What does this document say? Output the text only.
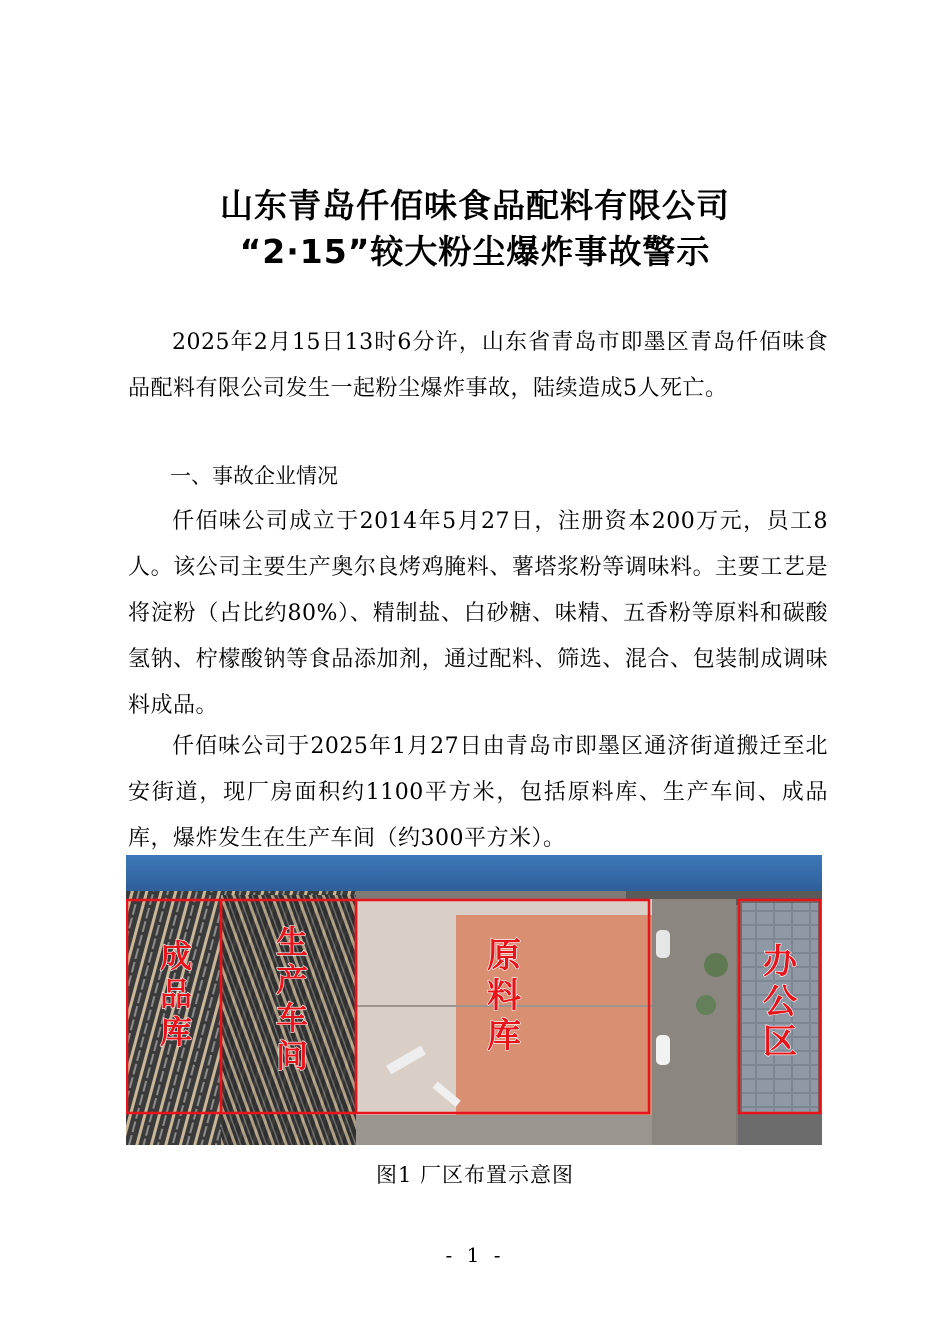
山东青岛仟佰味食品配料有限公司
“2·15”较大粉尘爆炸事故警示

2025年2月15日13时6分许，山东省青岛市即墨区青岛仟佰味食品配料有限公司发生一起粉尘爆炸事故，陆续造成5人死亡。

一、事故企业情况

仟佰味公司成立于2014年5月27日，注册资本200万元，员工8人。该公司主要生产奥尔良烤鸡腌料、薯塔浆粉等调味料。主要工艺是将淀粉（占比约80%）、精制盐、白砂糖、味精、五香粉等原料和碳酸氢钠、柠檬酸钠等食品添加剂，通过配料、筛选、混合、包装制成调味料成品。

仟佰味公司于2025年1月27日由青岛市即墨区通济街道搬迁至北安街道，现厂房面积约1100平方米，包括原料库、生产车间、成品库，爆炸发生在生产车间（约300平方米）。

成
品
库
生
产
车
间
原
料
库
办
公
区
图1 厂区布置示意图
- 1 -
